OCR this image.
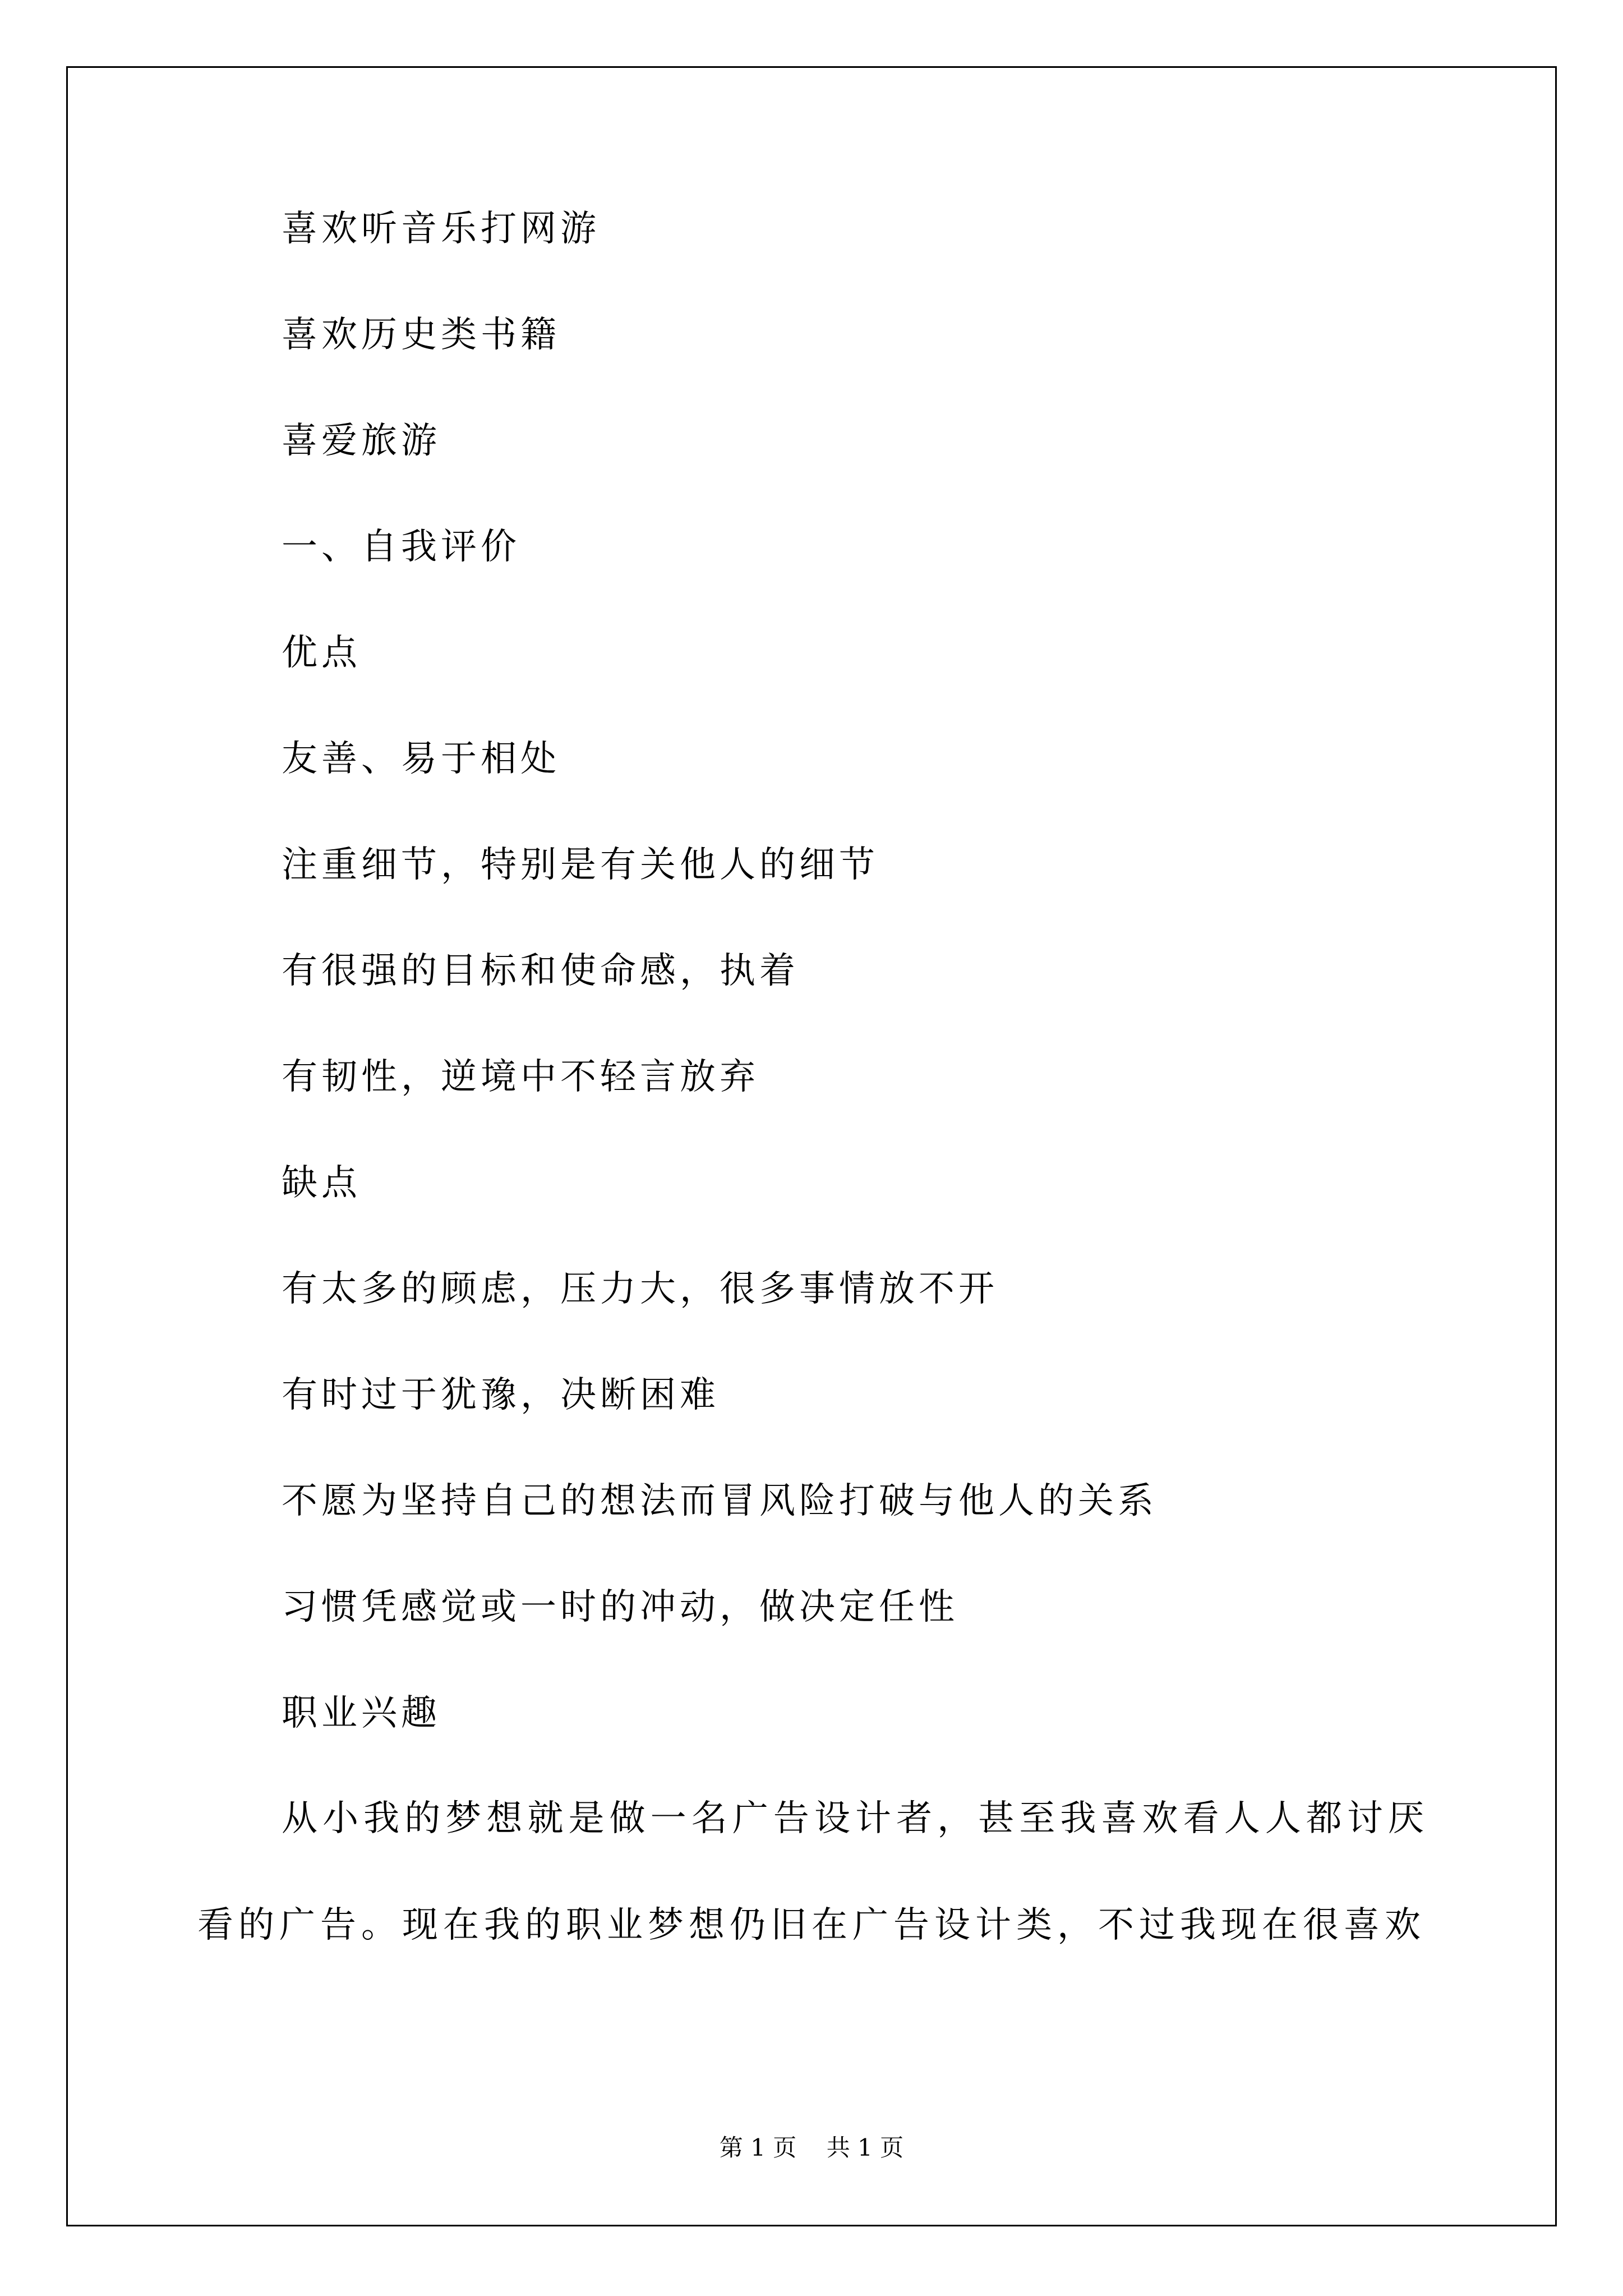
喜欢听音乐打网游
喜欢历史类书籍
喜爱旅游
一、自我评价
优点
友善、易于相处
注重细节，特别是有关他人的细节
有很强的目标和使命感，执着
有韧性，逆境中不轻言放弃
缺点
有太多的顾虑，压力大，很多事情放不开
有时过于犹豫，决断困难
不愿为坚持自己的想法而冒风险打破与他人的关系
习惯凭感觉或一时的冲动，做决定任性
职业兴趣
从小我的梦想就是做一名广告设计者，甚至我喜欢看人人都讨厌看的广告。现在我的职业梦想仍旧在广告设计类，不过我现在很喜欢
第 1 页    共 1 页
